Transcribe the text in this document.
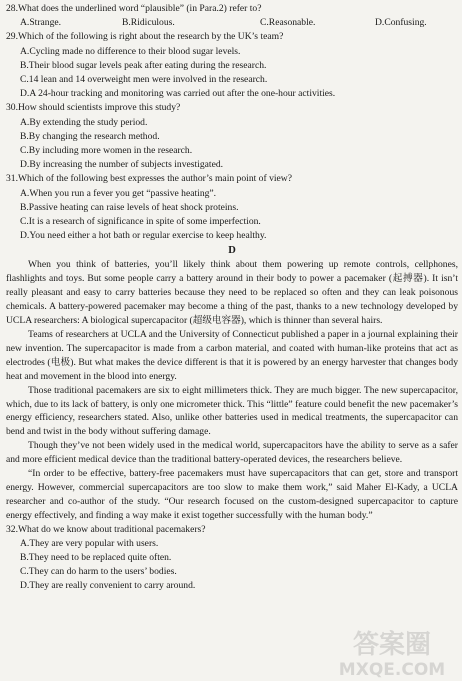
28.What does the underlined word “plausible” (in Para.2) refer to?
A.Strange.	B.Ridiculous.	C.Reasonable.	D.Confusing.
29.Which of the following is right about the research by the UK’s team?
A.Cycling made no difference to their blood sugar levels.
B.Their blood sugar levels peak after eating during the research.
C.14 lean and 14 overweight men were involved in the research.
D.A 24-hour tracking and monitoring was carried out after the one-hour activities.
30.How should scientists improve this study?
A.By extending the study period.
B.By changing the research method.
C.By including more women in the research.
D.By increasing the number of subjects investigated.
31.Which of the following best expresses the author’s main point of view?
A.When you run a fever you get “passive heating”.
B.Passive heating can raise levels of heat shock proteins.
C.It is a research of significance in spite of some imperfection.
D.You need either a hot bath or regular exercise to keep healthy.
D

When you think of batteries, you’ll likely think about them powering up remote controls, cellphones, flashlights and toys. But some people carry a battery around in their body to power a pacemaker (起搏器). It isn’t really pleasant and easy to carry batteries because they need to be replaced so often and they can leak poisonous chemicals. A battery-powered pacemaker may become a thing of the past, thanks to a new technology developed by UCLA researchers: A biological supercapacitor (超级电容器), which is thinner than several hairs.

Teams of researchers at UCLA and the University of Connecticut published a paper in a journal explaining their new invention. The supercapacitor is made from a carbon material, and coated with human-like proteins that act as electrodes (电极). But what makes the device different is that it is powered by an energy harvester that changes body heat and movement in the blood into energy.

Those traditional pacemakers are six to eight millimeters thick. They are much bigger. The new supercapacitor, which, due to its lack of battery, is only one micrometer thick. This “little” feature could benefit the new pacemaker’s energy efficiency, researchers stated. Also, unlike other batteries used in medical treatments, the supercapacitor can bend and twist in the body without suffering damage.

Though they’ve not been widely used in the medical world, supercapacitors have the ability to serve as a safer and more efficient medical device than the traditional battery-operated devices, the researchers believe.

“In order to be effective, battery-free pacemakers must have supercapacitors that can get, store and transport energy. However, commercial supercapacitors are too slow to make them work,” said Maher El-Kady, a UCLA researcher and co-author of the study. “Our research focused on the custom-designed supercapacitor to capture energy effectively, and finding a way make it exist together successfully with the human body.”

32.What do we know about traditional pacemakers?
A.They are very popular with users.
B.They need to be replaced quite often.
C.They can do harm to the users’ bodies.
D.They are really convenient to carry around.
答案圈
MXQE.COM
